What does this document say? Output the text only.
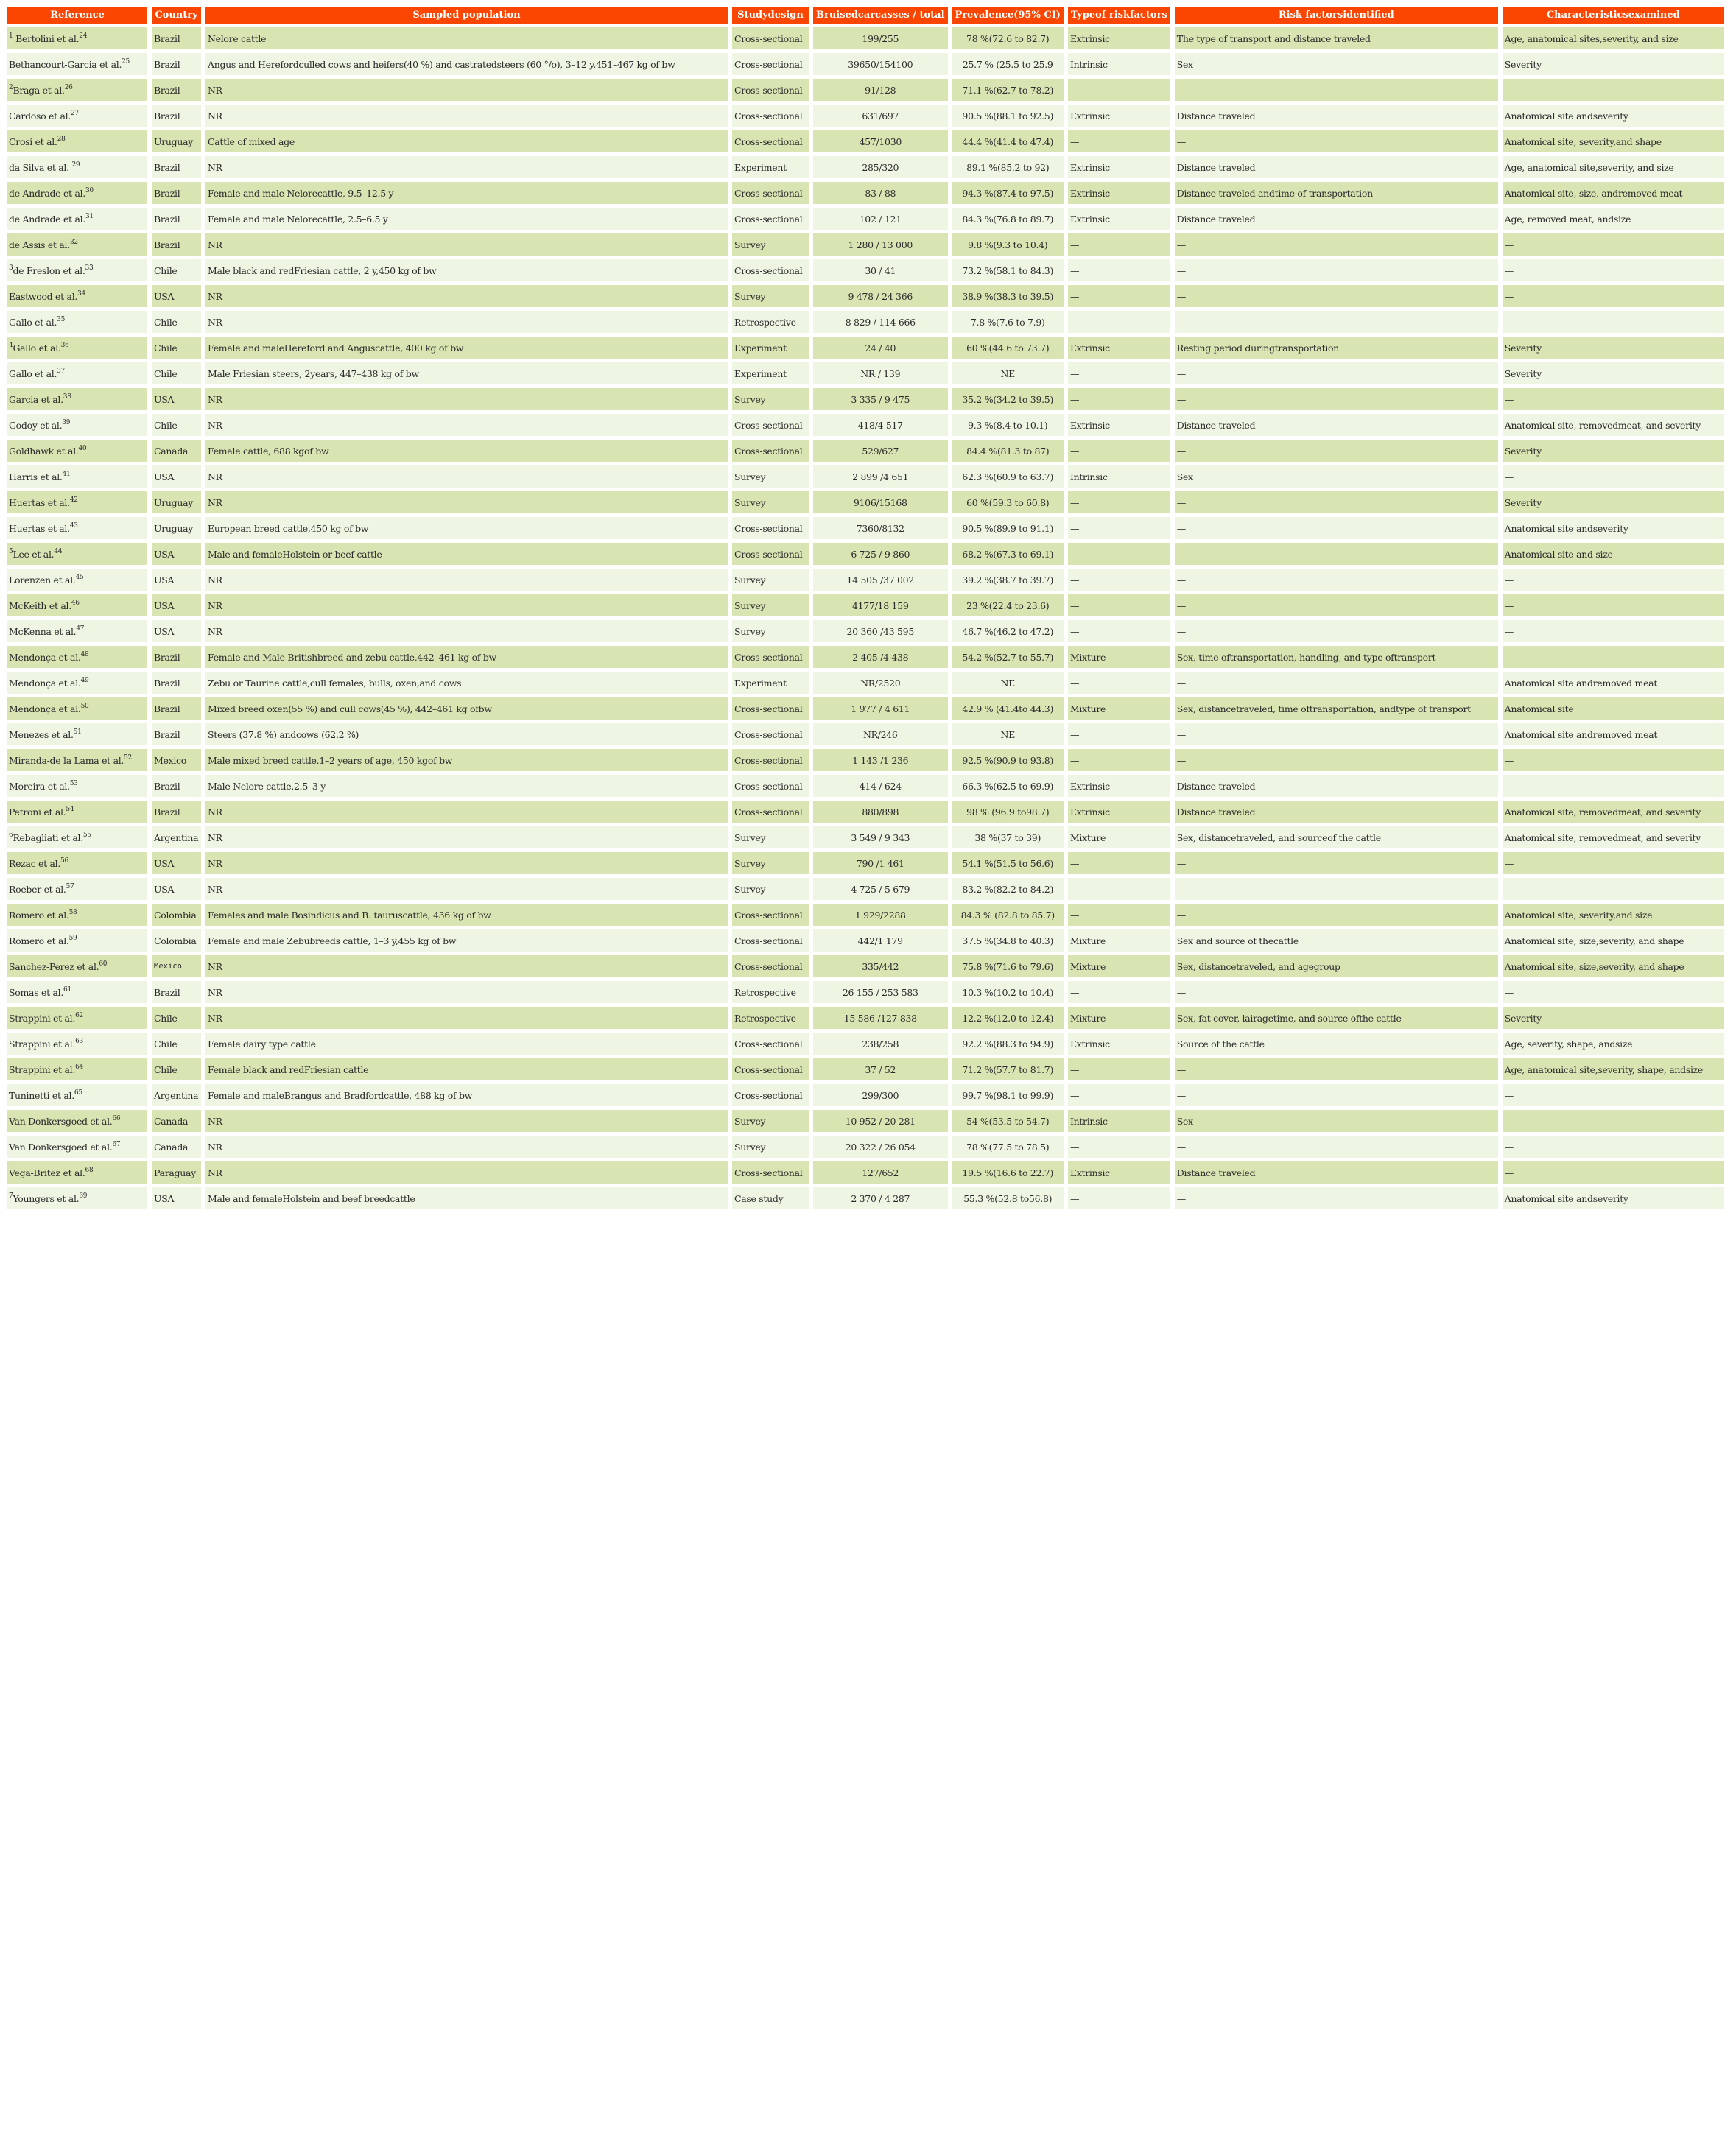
Reference	Country	Sampled population	Studydesign	Bruisedcarcasses / total	Prevalence(95% CI)	Typeof riskfactors	Risk factorsidentified	Characteristicsexamined
$^1$ Bertolini et al.$^{24}$	Brazil	Nelore cattle	Cross-sectional	199/255	78 %(72.6 to 82.7)	Extrinsic	The type of transport and distance traveled	Age, anatomical sites,severity, and size
Bethancourt-Garcia et al.$^{25}$	Brazil	Angus and Herefordculled cows and heifers(40 %) and castratedsteers (60 °/o), 3–12 y,451–467 kg of bw	Cross-sectional	39650/154100	25.7 % (25.5 to 25.9	Intrinsic	Sex	Severity
$^2$Braga et al.$^{26}$	Brazil	NR	Cross-sectional	91/128	71.1 %(62.7 to 78.2)	—	—	—
Cardoso et al.$^{27}$	Brazil	NR	Cross-sectional	631/697	90.5 %(88.1 to 92.5)	Extrinsic	Distance traveled	Anatomical site andseverity
Crosi et al.$^{28}$	Uruguay	Cattle of mixed age	Cross-sectional	457/1030	44.4 %(41.4 to 47.4)	—	—	Anatomical site, severity,and shape
da Silva et al. $^{29}$	Brazil	NR	Experiment	285/320	89.1 %(85.2 to 92)	Extrinsic	Distance traveled	Age, anatomical site,severity, and size
de Andrade et al.$^{30}$	Brazil	Female and male Nelorecattle, 9.5–12.5 y	Cross-sectional	83 / 88	94.3 %(87.4 to 97.5)	Extrinsic	Distance traveled andtime of transportation	Anatomical site, size, andremoved meat
de Andrade et al.$^{31}$	Brazil	Female and male Nelorecattle, 2.5–6.5 y	Cross-sectional	102 / 121	84.3 %(76.8 to 89.7)	Extrinsic	Distance traveled	Age, removed meat, andsize
de Assis et al.$^{32}$	Brazil	NR	Survey	1 280 / 13 000	9.8 %(9.3 to 10.4)	—	—	—
$^3$de Freslon et al.$^{33}$	Chile	Male black and redFriesian cattle, 2 y,450 kg of bw	Cross-sectional	30 / 41	73.2 %(58.1 to 84.3)	—	—	—
Eastwood et al.$^{34}$	USA	NR	Survey	9 478 / 24 366	38.9 %(38.3 to 39.5)	—	—	—
Gallo et al.$^{35}$	Chile	NR	Retrospective	8 829 / 114 666	7.8 %(7.6 to 7.9)	—	—	—
$^4$Gallo et al.$^{36}$	Chile	Female and maleHereford and Anguscattle, 400 kg of bw	Experiment	24 / 40	60 %(44.6 to 73.7)	Extrinsic	Resting period duringtransportation	Severity
Gallo et al.$^{37}$	Chile	Male Friesian steers, 2years, 447–438 kg of bw	Experiment	NR / 139	NE	—	—	Severity
Garcia et al.$^{38}$	USA	NR	Survey	3 335 / 9 475	35.2 %(34.2 to 39.5)	—	—	—
Godoy et al.$^{39}$	Chile	NR	Cross-sectional	418/4 517	9.3 %(8.4 to 10.1)	Extrinsic	Distance traveled	Anatomical site, removedmeat, and severity
Goldhawk et al.$^{40}$	Canada	Female cattle, 688 kgof bw	Cross-sectional	529/627	84.4 %(81.3 to 87)	—	—	Severity
Harris et al.$^{41}$	USA	NR	Survey	2 899 /4 651	62.3 %(60.9 to 63.7)	Intrinsic	Sex	—
Huertas et al.$^{42}$	Uruguay	NR	Survey	9106/15168	60 %(59.3 to 60.8)	—	—	Severity
Huertas et al.$^{43}$	Uruguay	European breed cattle,450 kg of bw	Cross-sectional	7360/8132	90.5 %(89.9 to 91.1)	—	—	Anatomical site andseverity
$^5$Lee et al.$^{44}$	USA	Male and femaleHolstein or beef cattle	Cross-sectional	6 725 / 9 860	68.2 %(67.3 to 69.1)	—	—	Anatomical site and size
Lorenzen et al.$^{45}$	USA	NR	Survey	14 505 /37 002	39.2 %(38.7 to 39.7)	—	—	—
McKeith et al.$^{46}$	USA	NR	Survey	4177/18 159	23 %(22.4 to 23.6)	—	—	—
McKenna et al.$^{47}$	USA	NR	Survey	20 360 /43 595	46.7 %(46.2 to 47.2)	—	—	—
Mendonça et al.$^{48}$	Brazil	Female and Male Britishbreed and zebu cattle,442–461 kg of bw	Cross-sectional	2 405 /4 438	54.2 %(52.7 to 55.7)	Mixture	Sex, time oftransportation, handling, and type oftransport	—
Mendonça et al.$^{49}$	Brazil	Zebu or Taurine cattle,cull females, bulls, oxen,and cows	Experiment	NR/2520	NE	—	—	Anatomical site andremoved meat
Mendonça et al.$^{50}$	Brazil	Mixed breed oxen(55 %) and cull cows(45 %), 442–461 kg ofbw	Cross-sectional	1 977 / 4 611	42.9 % (41.4to 44.3)	Mixture	Sex, distancetraveled, time oftransportation, andtype of transport	Anatomical site
Menezes et al.$^{51}$	Brazil	Steers (37.8 %) andcows (62.2 %)	Cross-sectional	NR/246	NE	—	—	Anatomical site andremoved meat
Miranda-de la Lama et al.$^{52}$	Mexico	Male mixed breed cattle,1–2 years of age, 450 kgof bw	Cross-sectional	1 143 /1 236	92.5 %(90.9 to 93.8)	—	—	—
Moreira et al.$^{53}$	Brazil	Male Nelore cattle,2.5–3 y	Cross-sectional	414 / 624	66.3 %(62.5 to 69.9)	Extrinsic	Distance traveled	—
Petroni et al.$^{54}$	Brazil	NR	Cross-sectional	880/898	98 % (96.9 to98.7)	Extrinsic	Distance traveled	Anatomical site, removedmeat, and severity
$^6$Rebagliati et al.$^{55}$	Argentina	NR	Survey	3 549 / 9 343	38 %(37 to 39)	Mixture	Sex, distancetraveled, and sourceof the cattle	Anatomical site, removedmeat, and severity
Rezac et al.$^{56}$	USA	NR	Survey	790 /1 461	54.1 %(51.5 to 56.6)	—	—	—
Roeber et al.$^{57}$	USA	NR	Survey	4 725 / 5 679	83.2 %(82.2 to 84.2)	—	—	—
Romero et al.$^{58}$	Colombia	Females and male Bosindicus and B. tauruscattle, 436 kg of bw	Cross-sectional	1 929/2288	84.3 % (82.8 to 85.7)	—	—	Anatomical site, severity,and size
Romero et al.$^{59}$	Colombia	Female and male Zebubreeds cattle, 1–3 y,455 kg of bw	Cross-sectional	442/1 179	37.5 %(34.8 to 40.3)	Mixture	Sex and source of thecattle	Anatomical site, size,severity, and shape
Sanchez-Perez et al.$^{60}$	Mexico	NR	Cross-sectional	335/442	75.8 %(71.6 to 79.6)	Mixture	Sex, distancetraveled, and agegroup	Anatomical site, size,severity, and shape
Somas et al.$^{61}$	Brazil	NR	Retrospective	26 155 / 253 583	10.3 %(10.2 to 10.4)	—	—	—
Strappini et al.$^{62}$	Chile	NR	Retrospective	15 586 /127 838	12.2 %(12.0 to 12.4)	Mixture	Sex, fat cover, lairagetime, and source ofthe cattle	Severity
Strappini et al.$^{63}$	Chile	Female dairy type cattle	Cross-sectional	238/258	92.2 %(88.3 to 94.9)	Extrinsic	Source of the cattle	Age, severity, shape, andsize
Strappini et al.$^{64}$	Chile	Female black and redFriesian cattle	Cross-sectional	37 / 52	71.2 %(57.7 to 81.7)	—	—	Age, anatomical site,severity, shape, andsize
Tuninetti et al.$^{65}$	Argentina	Female and maleBrangus and Bradfordcattle, 488 kg of bw	Cross-sectional	299/300	99.7 %(98.1 to 99.9)	—	—	—
Van Donkersgoed et al.$^{66}$	Canada	NR	Survey	10 952 / 20 281	54 %(53.5 to 54.7)	Intrinsic	Sex	—
Van Donkersgoed et al.$^{67}$	Canada	NR	Survey	20 322 / 26 054	78 %(77.5 to 78.5)	—	—	—
Vega-Britez et al.$^{68}$	Paraguay	NR	Cross-sectional	127/652	19.5 %(16.6 to 22.7)	Extrinsic	Distance traveled	—
$^7$Youngers et al.$^{69}$	USA	Male and femaleHolstein and beef breedcattle	Case study	2 370 / 4 287	55.3 %(52.8 to56.8)	—	—	Anatomical site andseverity
